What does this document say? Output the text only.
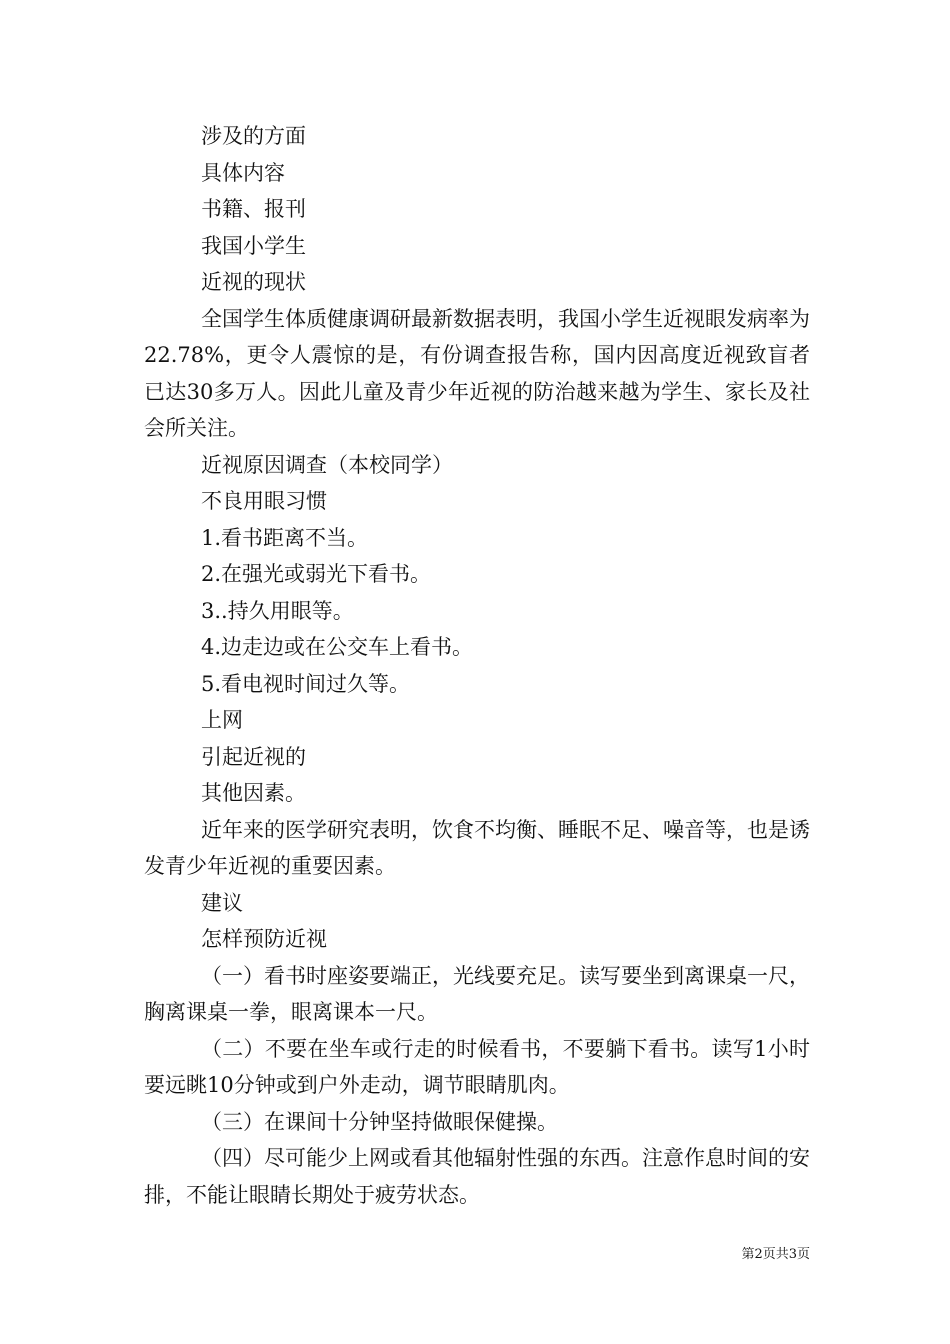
涉及的方面

具体内容

书籍、报刊

我国小学生

近视的现状

全国学生体质健康调研最新数据表明，我国小学生近视眼发病率为22.78%，更令人震惊的是，有份调查报告称，国内因高度近视致盲者已达30多万人。因此儿童及青少年近视的防治越来越为学生、家长及社会所关注。

近视原因调查（本校同学）

不良用眼习惯

1.看书距离不当。

2.在强光或弱光下看书。

3..持久用眼等。

4.边走边或在公交车上看书。

5.看电视时间过久等。

上网

引起近视的

其他因素。

近年来的医学研究表明，饮食不均衡、睡眠不足、噪音等，也是诱发青少年近视的重要因素。

建议

怎样预防近视

（一）看书时座姿要端正，光线要充足。读写要坐到离课桌一尺，胸离课桌一拳，眼离课本一尺。

（二）不要在坐车或行走的时候看书，不要躺下看书。读写1小时要远眺10分钟或到户外走动，调节眼睛肌肉。

（三）在课间十分钟坚持做眼保健操。

（四）尽可能少上网或看其他辐射性强的东西。注意作息时间的安排，不能让眼睛长期处于疲劳状态。

第2页共3页
